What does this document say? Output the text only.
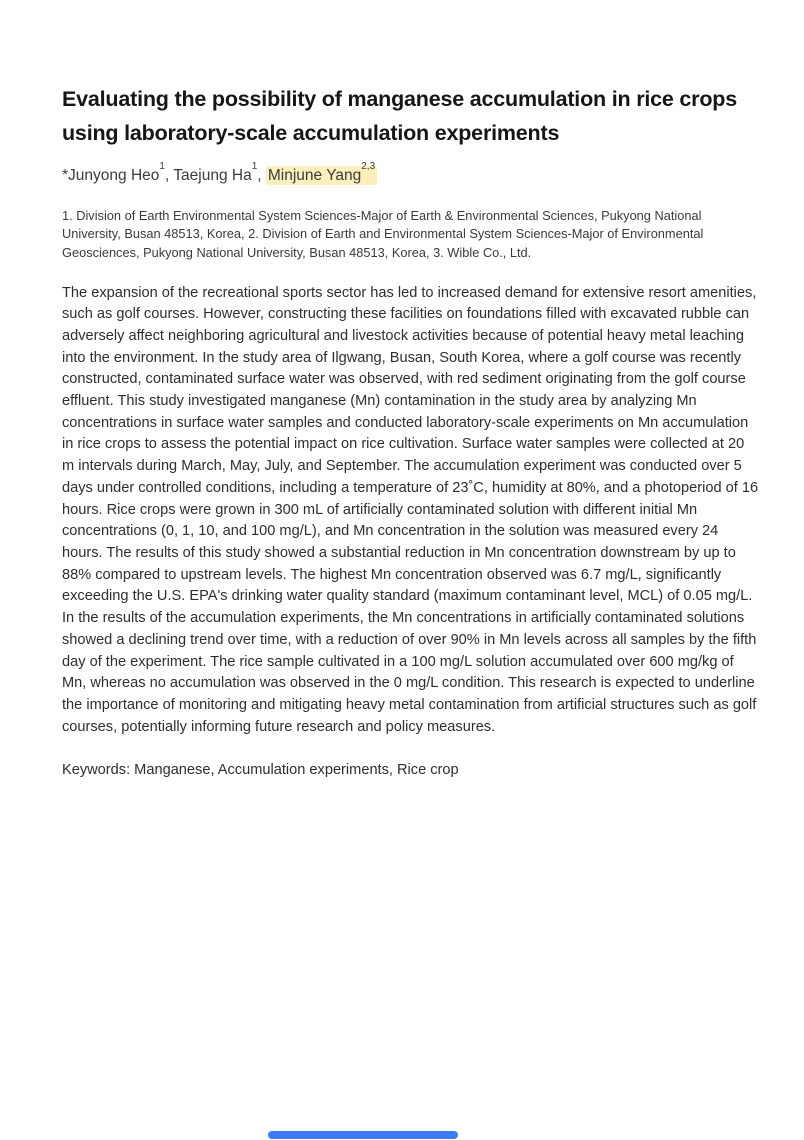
Evaluating the possibility of manganese accumulation in rice crops
using laboratory-scale accumulation experiments
*Junyong Heo$^1$, Taejung Ha$^1$, Minjune Yang$^{2,3}$

1. Division of Earth Environmental System Sciences-Major of Earth & Environmental Sciences, Pukyong National University, Busan 48513, Korea, 2. Division of Earth and Environmental System Sciences-Major of Environmental Geosciences, Pukyong National University, Busan 48513, Korea, 3. Wible Co., Ltd.

The expansion of the recreational sports sector has led to increased demand for extensive resort amenities, such as golf courses. However, constructing these facilities on foundations filled with excavated rubble can adversely affect neighboring agricultural and livestock activities because of potential heavy metal leaching into the environment. In the study area of Ilgwang, Busan, South Korea, where a golf course was recently constructed, contaminated surface water was observed, with red sediment originating from the golf course effluent. This study investigated manganese (Mn) contamination in the study area by analyzing Mn concentrations in surface water samples and conducted laboratory-scale experiments on Mn accumulation in rice crops to assess the potential impact on rice cultivation. Surface water samples were collected at 20 m intervals during March, May, July, and September. The accumulation experiment was conducted over 5 days under controlled conditions, including a temperature of 23˚C, humidity at 80%, and a photoperiod of 16 hours. Rice crops were grown in 300 mL of artificially contaminated solution with different initial Mn concentrations (0, 1, 10, and 100 mg/L), and Mn concentration in the solution was measured every 24 hours. The results of this study showed a substantial reduction in Mn concentration downstream by up to 88% compared to upstream levels. The highest Mn concentration observed was 6.7 mg/L, significantly exceeding the U.S. EPA's drinking water quality standard (maximum contaminant level, MCL) of 0.05 mg/L. In the results of the accumulation experiments, the Mn concentrations in artificially contaminated solutions showed a declining trend over time, with a reduction of over 90% in Mn levels across all samples by the fifth day of the experiment. The rice sample cultivated in a 100 mg/L solution accumulated over 600 mg/kg of Mn, whereas no accumulation was observed in the 0 mg/L condition. This research is expected to underline the importance of monitoring and mitigating heavy metal contamination from artificial structures such as golf courses, potentially informing future research and policy measures.

Keywords: Manganese, Accumulation experiments, Rice crop
